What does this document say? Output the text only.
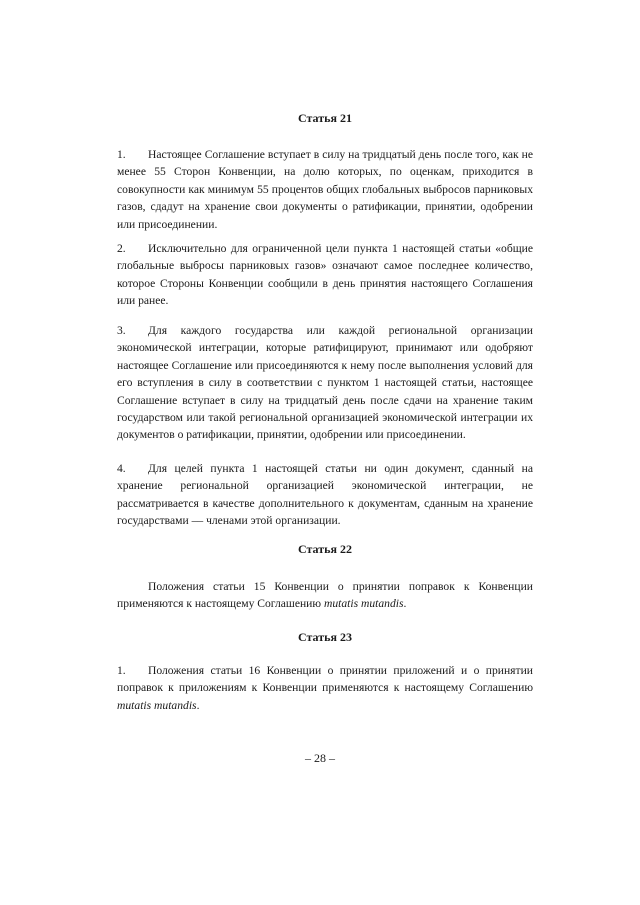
Статья 21
1. Настоящее Соглашение вступает в силу на тридцатый день после того, как не менее 55 Сторон Конвенции, на долю которых, по оценкам, приходится в совокупности как минимум 55 процентов общих глобальных выбросов парниковых газов, сдадут на хранение свои документы о ратификации, принятии, одобрении или присоединении.
2. Исключительно для ограниченной цели пункта 1 настоящей статьи «общие глобальные выбросы парниковых газов» означают самое последнее количество, которое Стороны Конвенции сообщили в день принятия настоящего Соглашения или ранее.
3. Для каждого государства или каждой региональной организации экономической интеграции, которые ратифицируют, принимают или одобряют настоящее Соглашение или присоединяются к нему после выполнения условий для его вступления в силу в соответствии с пунктом 1 настоящей статьи, настоящее Соглашение вступает в силу на тридцатый день после сдачи на хранение таким государством или такой региональной организацией экономической интеграции их документов о ратификации, принятии, одобрении или присоединении.
4. Для целей пункта 1 настоящей статьи ни один документ, сданный на хранение региональной организацией экономической интеграции, не рассматривается в качестве дополнительного к документам, сданным на хранение государствами –– членами этой организации.
Статья 22
Положения статьи 15 Конвенции о принятии поправок к Конвенции применяются к настоящему Соглашению mutatis mutandis.
Статья 23
1. Положения статьи 16 Конвенции о принятии приложений и о принятии поправок к приложениям к Конвенции применяются к настоящему Соглашению mutatis mutandis.
– 28 –
